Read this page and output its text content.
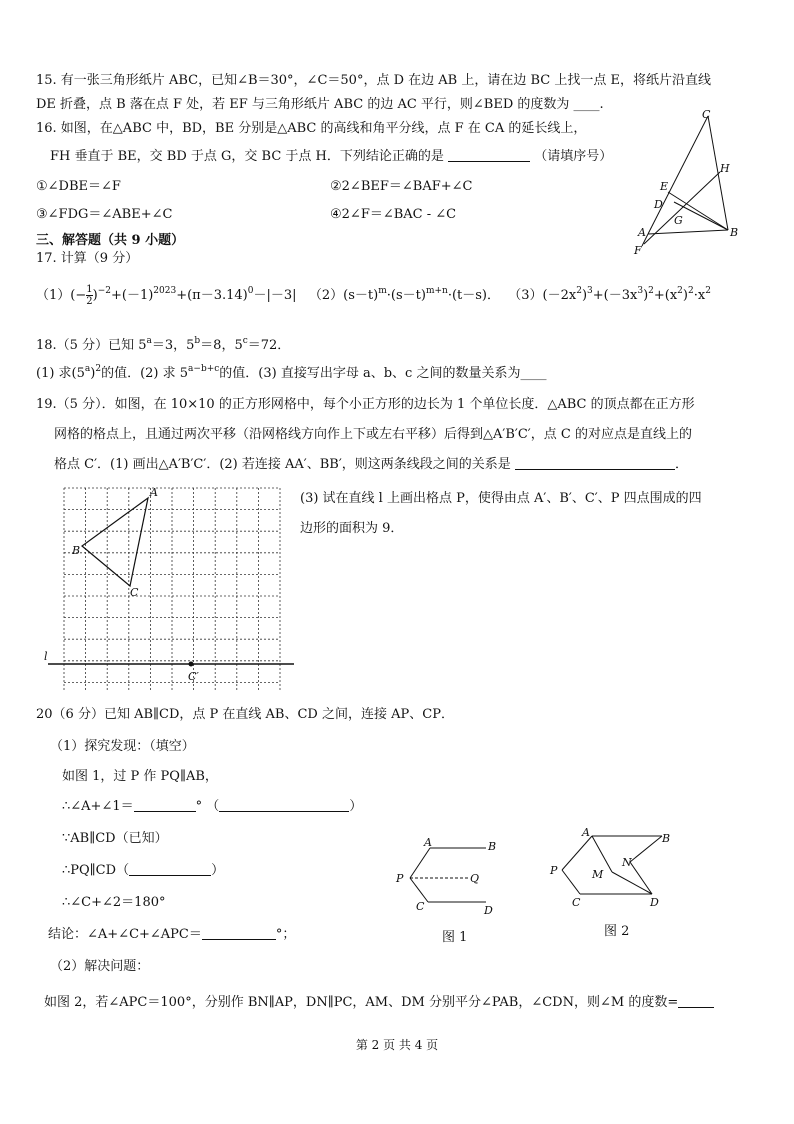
15. 有一张三角形纸片 ABC，已知∠B＝30°，∠C＝50°，点 D 在边 AB 上，请在边 BC 上找一点 E，将纸片沿直线
DE 折叠，点 B 落在点 F 处，若 EF 与三角形纸片 ABC 的边 AC 平行，则∠BED 的度数为 ____.
16. 如图，在△ABC 中，BD，BE 分别是△ABC 的高线和角平分线，点 F 在 CA 的延长线上，
FH 垂直于 BE，交 BD 于点 G，交 BC 于点 H．下列结论正确的是	（请填序号）
①∠DBE＝∠F	②2∠BEF＝∠BAF+∠C
③∠FDG＝∠ABE+∠C	④2∠F＝∠BAC - ∠C
C
H
E
D
G
A	B
F
三、解答题（共 9 小题）
17. 计算（9 分）
（1）(− 1
$2)^{-2}+(-1)^{2023}+(\pi-3.14)^0-|-3|$ $(2)(s-t)^m\cdot(s-t)^{m+n}\cdot(t-s)$． $(3)(-2x^2)^3+(-3x^3)^2+(x^2)^2\cdot x^2$
18.（5 分）已知 $5^a=3$，$5^b=8$，$5^c=72$．
(1) 求$(5^a)^2$的值．(2) 求 $5^{a-b+c}$的值．(3) 直接写出字母 a、b、c 之间的数量关系为____
19.（5 分）．如图，在 10×10 的正方形网格中，每个小正方形的边长为 1 个单位长度．△ABC 的顶点都在正方形
网格的格点上，且通过两次平移（沿网格线方向作上下或左右平移）后得到△A′B′C′，点 C 的对应点是直线上的
格点 C′．(1) 画出△A′B′C′．(2) 若连接 AA′、BB′，则这两条线段之间的关系是	．
(3) 试在直线 l 上画出格点 P，使得由点 A′、B′、C′、P 四点围成的四
边形的面积为 9．
A
B
C
l
C′
20（6 分）已知 AB∥CD，点 P 在直线 AB、CD 之间，连接 AP、CP．
（1）探究发现：（填空）
如图 1，过 P 作 PQ∥AB，
∴∠A+∠1＝	° （	）
∵AB∥CD（已知）
∴PQ∥CD（	）
∴∠C+∠2＝180°
结论：∠A+∠C+∠APC＝	°；
（2）解决问题：
如图 2，若∠APC＝100°，分别作 BN∥AP，DN∥PC，AM、DM 分别平分∠PAB，∠CDN，则∠M 的度数=
A	B
P	Q
C	D
图 1
A	B
P	M
N
C	D
图 2
第 2 页 共 4 页
